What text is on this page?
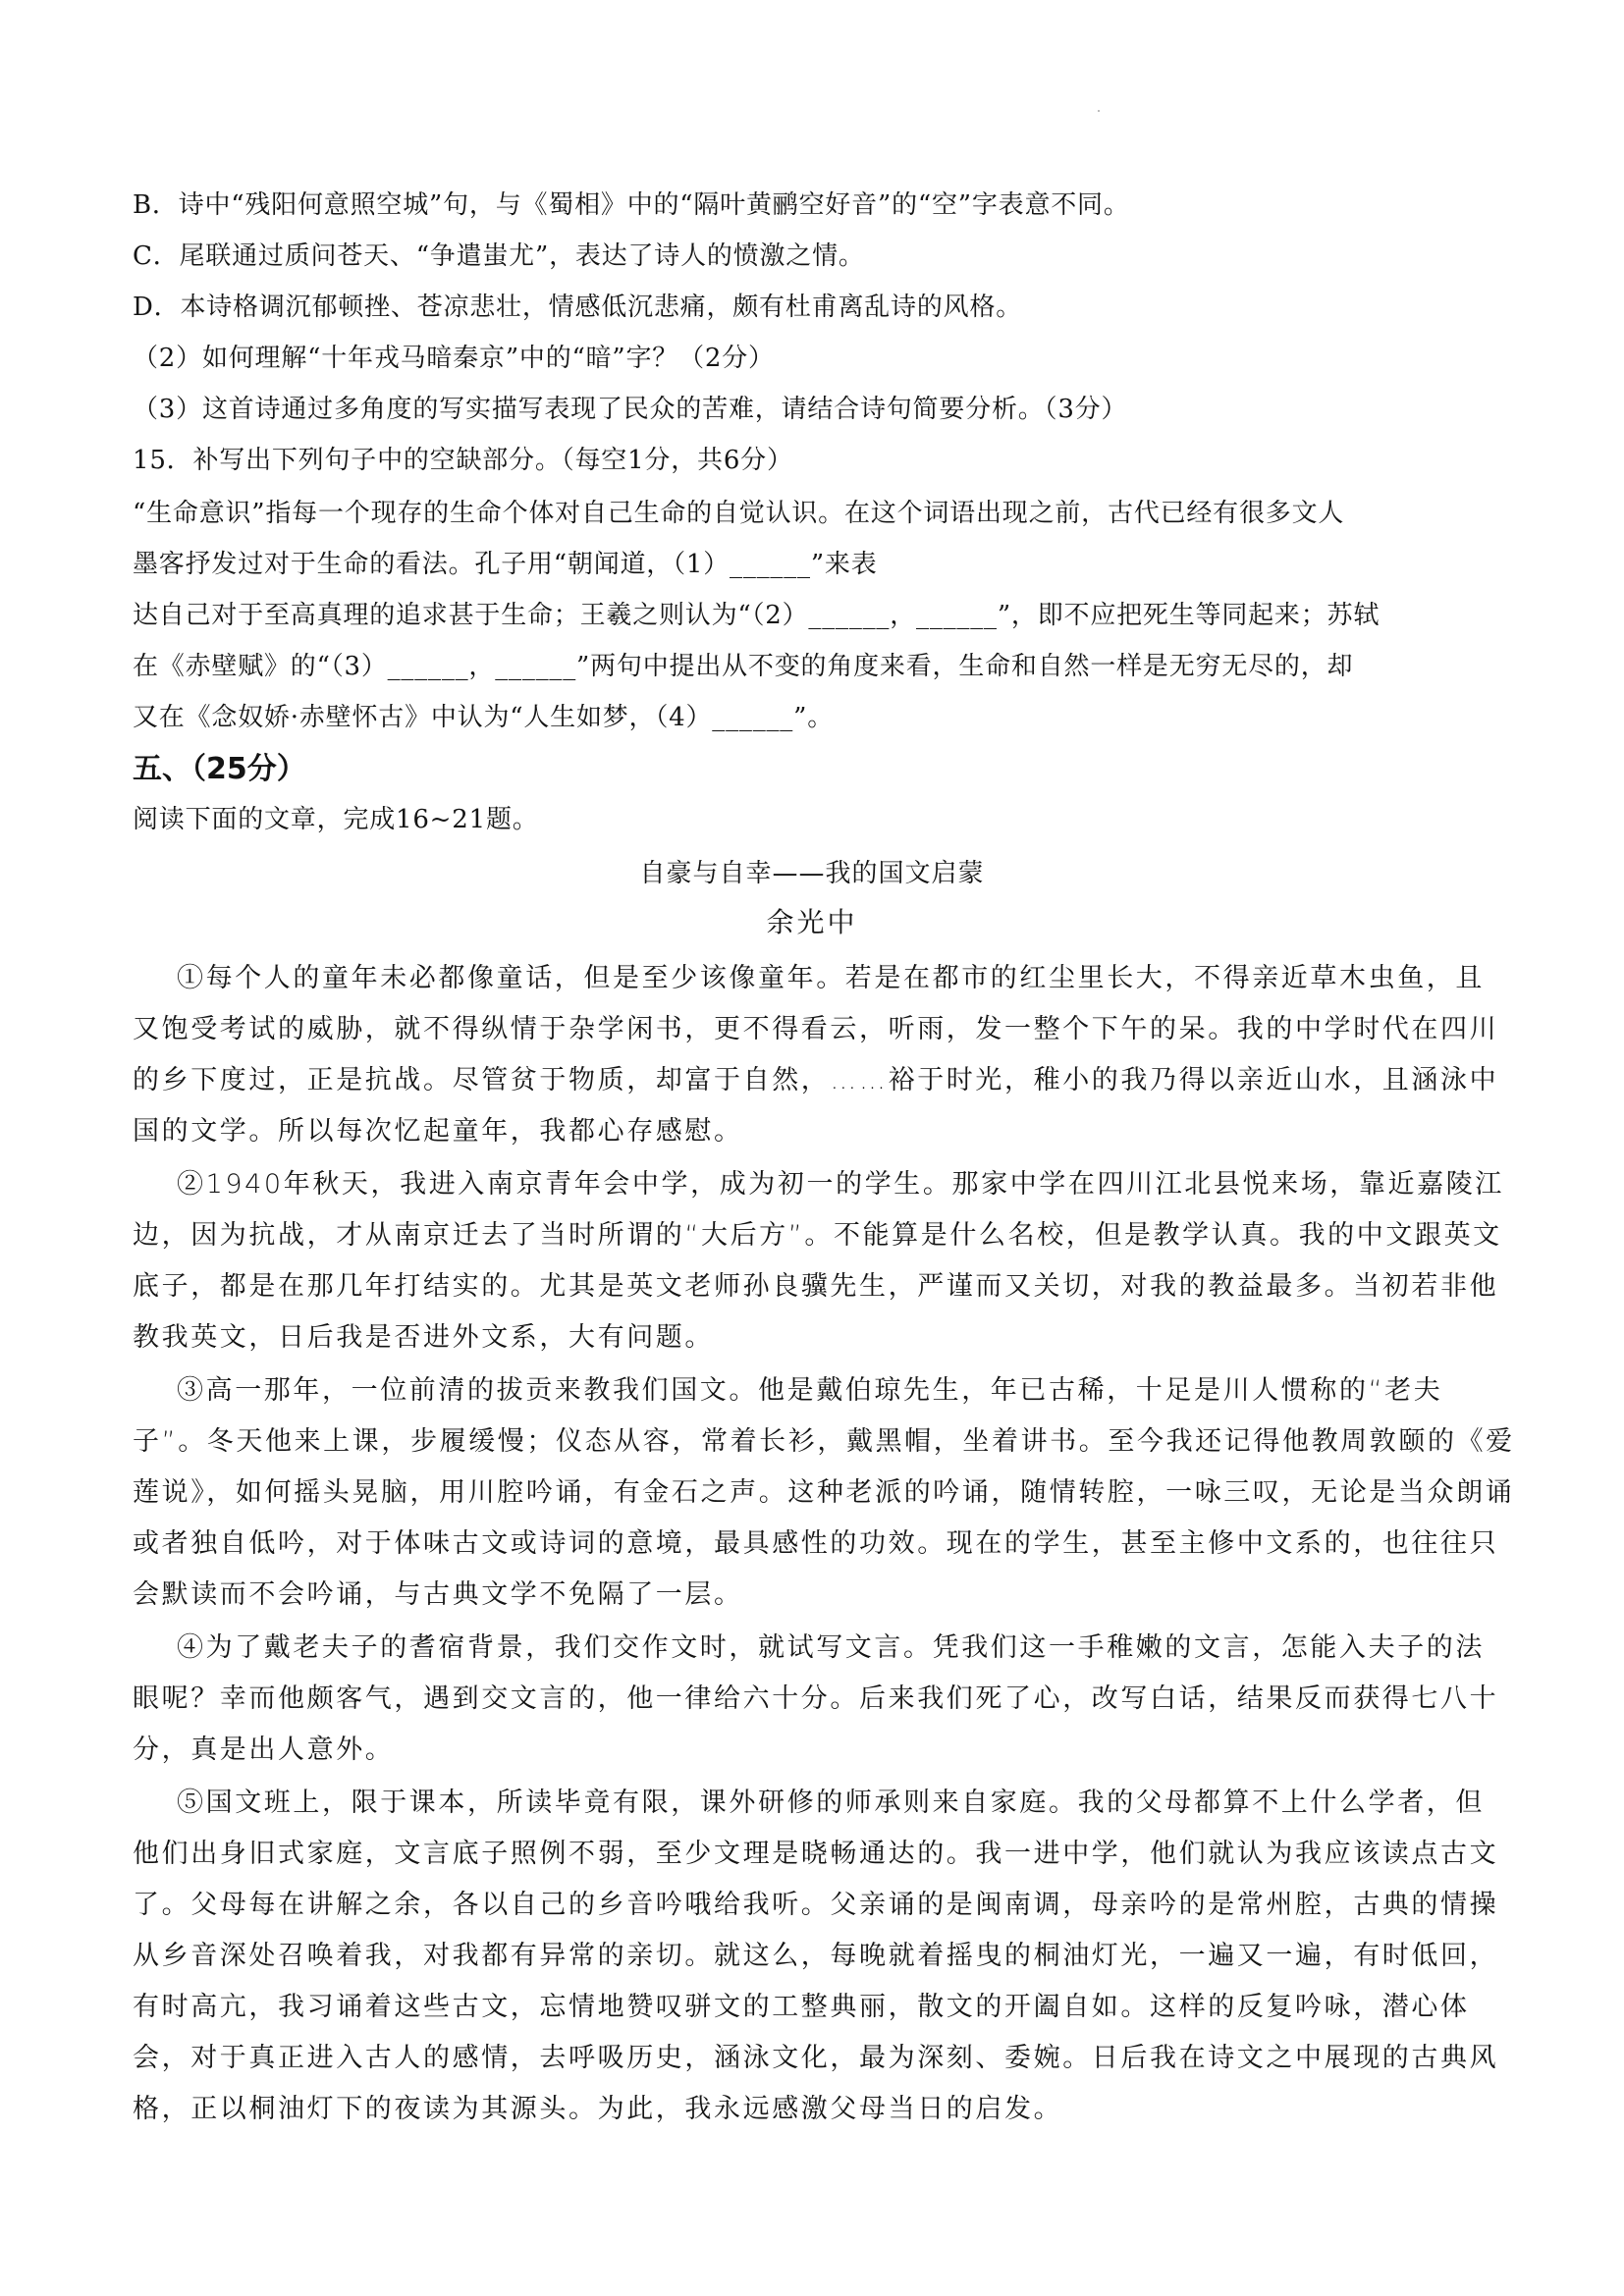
B．诗中“残阳何意照空城”句，与《蜀相》中的“隔叶黄鹂空好音”的“空”字表意不同。
C．尾联通过质问苍天、“争遣蚩尤”，表达了诗人的愤激之情。
D．本诗格调沉郁顿挫、苍凉悲壮，情感低沉悲痛，颇有杜甫离乱诗的风格。
（2）如何理解“十年戎马暗秦京”中的“暗”字？（2分）
（3）这首诗通过多角度的写实描写表现了民众的苦难，请结合诗句简要分析。（3分）
15．补写出下列句子中的空缺部分。（每空1分，共6分）
“生命意识”指每一个现存的生命个体对自己生命的自觉认识。在这个词语出现之前，古代已经有很多文人
墨客抒发过对于生命的看法。孔子用“朝闻道，（1）______”来表
达自己对于至高真理的追求甚于生命；王羲之则认为“（2）______，______”，即不应把死生等同起来；苏轼
在《赤壁赋》的“（3）______，______”两句中提出从不变的角度来看，生命和自然一样是无穷无尽的，却
又在《念奴娇·赤壁怀古》中认为“人生如梦，（4）______”。
五、（25分）
阅读下面的文章，完成16~21题。
自豪与自幸——我的国文启蒙
余光中
①每个人的童年未必都像童话，但是至少该像童年。若是在都市的红尘里长大，不得亲近草木虫鱼，且
又饱受考试的威胁，就不得纵情于杂学闲书，更不得看云，听雨，发一整个下午的呆。我的中学时代在四川
的乡下度过，正是抗战。尽管贫于物质，却富于自然，……裕于时光，稚小的我乃得以亲近山水，且涵泳中
国的文学。所以每次忆起童年，我都心存感慰。
②1940年秋天，我进入南京青年会中学，成为初一的学生。那家中学在四川江北县悦来场，靠近嘉陵江
边，因为抗战，才从南京迁去了当时所谓的“大后方”。不能算是什么名校，但是教学认真。我的中文跟英文
底子，都是在那几年打结实的。尤其是英文老师孙良骥先生，严谨而又关切，对我的教益最多。当初若非他
教我英文，日后我是否进外文系，大有问题。
③高一那年，一位前清的拔贡来教我们国文。他是戴伯琼先生，年已古稀，十足是川人惯称的“老夫
子”。冬天他来上课，步履缓慢；仪态从容，常着长衫，戴黑帽，坐着讲书。至今我还记得他教周敦颐的《爱
莲说》，如何摇头晃脑，用川腔吟诵，有金石之声。这种老派的吟诵，随情转腔，一咏三叹，无论是当众朗诵
或者独自低吟，对于体味古文或诗词的意境，最具感性的功效。现在的学生，甚至主修中文系的，也往往只
会默读而不会吟诵，与古典文学不免隔了一层。
④为了戴老夫子的耆宿背景，我们交作文时，就试写文言。凭我们这一手稚嫩的文言，怎能入夫子的法
眼呢？幸而他颇客气，遇到交文言的，他一律给六十分。后来我们死了心，改写白话，结果反而获得七八十
分，真是出人意外。
⑤国文班上，限于课本，所读毕竟有限，课外研修的师承则来自家庭。我的父母都算不上什么学者，但
他们出身旧式家庭，文言底子照例不弱，至少文理是晓畅通达的。我一进中学，他们就认为我应该读点古文
了。父母每在讲解之余，各以自己的乡音吟哦给我听。父亲诵的是闽南调，母亲吟的是常州腔，古典的情操
从乡音深处召唤着我，对我都有异常的亲切。就这么，每晚就着摇曳的桐油灯光，一遍又一遍，有时低回，
有时高亢，我习诵着这些古文，忘情地赞叹骈文的工整典丽，散文的开阖自如。这样的反复吟咏，潜心体
会，对于真正进入古人的感情，去呼吸历史，涵泳文化，最为深刻、委婉。日后我在诗文之中展现的古典风
格，正以桐油灯下的夜读为其源头。为此，我永远感激父母当日的启发。
